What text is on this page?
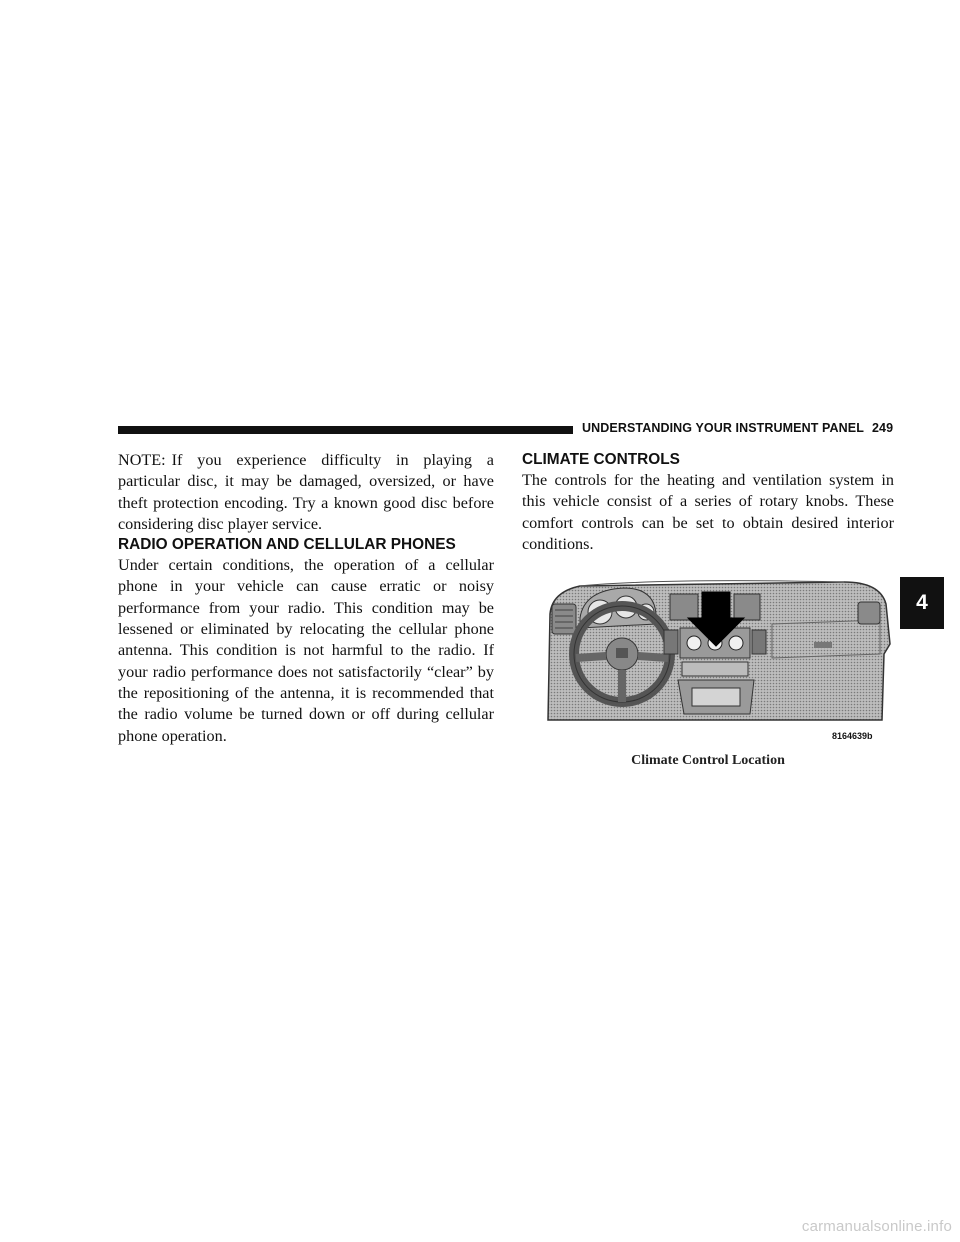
UNDERSTANDING YOUR INSTRUMENT PANEL 249

NOTE: If you experience difficulty in playing a particular disc, it may be damaged, oversized, or have theft protection encoding. Try a known good disc before considering disc player service.

RADIO OPERATION AND CELLULAR PHONES

Under certain conditions, the operation of a cellular phone in your vehicle can cause erratic or noisy performance from your radio. This condition may be lessened or eliminated by relocating the cellular phone antenna. This condition is not harmful to the radio. If your radio performance does not satisfactorily “clear” by the repositioning of the antenna, it is recommended that the radio volume be turned down or off during cellular phone operation.

CLIMATE CONTROLS

The controls for the heating and ventilation system in this vehicle consist of a series of rotary knobs. These comfort controls can be set to obtain desired interior conditions.

8164639b
Climate Control Location
4
carmanualsonline.info
